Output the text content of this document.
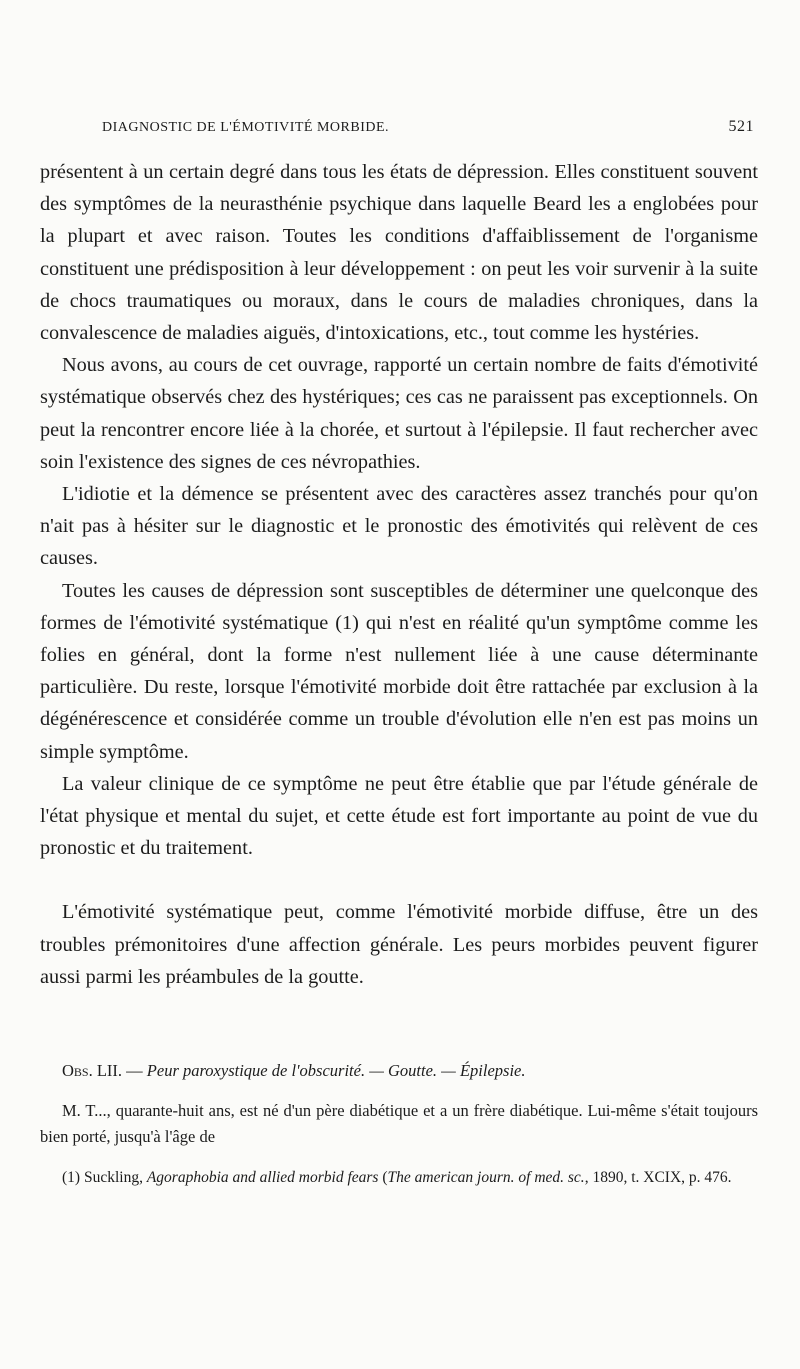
DIAGNOSTIC DE L'ÉMOTIVITÉ MORBIDE.	521

présentent à un certain degré dans tous les états de dépression. Elles constituent souvent des symptômes de la neurasthénie psychique dans laquelle Beard les a englobées pour la plupart et avec raison. Toutes les conditions d'affaiblissement de l'organisme constituent une prédisposition à leur développement : on peut les voir survenir à la suite de chocs traumatiques ou moraux, dans le cours de maladies chroniques, dans la convalescence de maladies aiguës, d'intoxications, etc., tout comme les hystéries.

Nous avons, au cours de cet ouvrage, rapporté un certain nombre de faits d'émotivité systématique observés chez des hystériques; ces cas ne paraissent pas exceptionnels. On peut la rencontrer encore liée à la chorée, et surtout à l'épilepsie. Il faut rechercher avec soin l'existence des signes de ces névropathies.

L'idiotie et la démence se présentent avec des caractères assez tranchés pour qu'on n'ait pas à hésiter sur le diagnostic et le pronostic des émotivités qui relèvent de ces causes.

Toutes les causes de dépression sont susceptibles de déterminer une quelconque des formes de l'émotivité systématique (1) qui n'est en réalité qu'un symptôme comme les folies en général, dont la forme n'est nullement liée à une cause déterminante particulière. Du reste, lorsque l'émotivité morbide doit être rattachée par exclusion à la dégénérescence et considérée comme un trouble d'évolution elle n'en est pas moins un simple symptôme.

La valeur clinique de ce symptôme ne peut être établie que par l'étude générale de l'état physique et mental du sujet, et cette étude est fort importante au point de vue du pronostic et du traitement.

L'émotivité systématique peut, comme l'émotivité morbide diffuse, être un des troubles prémonitoires d'une affection générale. Les peurs morbides peuvent figurer aussi parmi les préambules de la goutte.

Obs. LII. — Peur paroxystique de l'obscurité. — Goutte. — Épilepsie.

M. T..., quarante-huit ans, est né d'un père diabétique et a un frère diabétique. Lui-même s'était toujours bien porté, jusqu'à l'âge de

(1) Suckling, Agoraphobia and allied morbid fears (The american journ. of med. sc., 1890, t. XCIX, p. 476.
